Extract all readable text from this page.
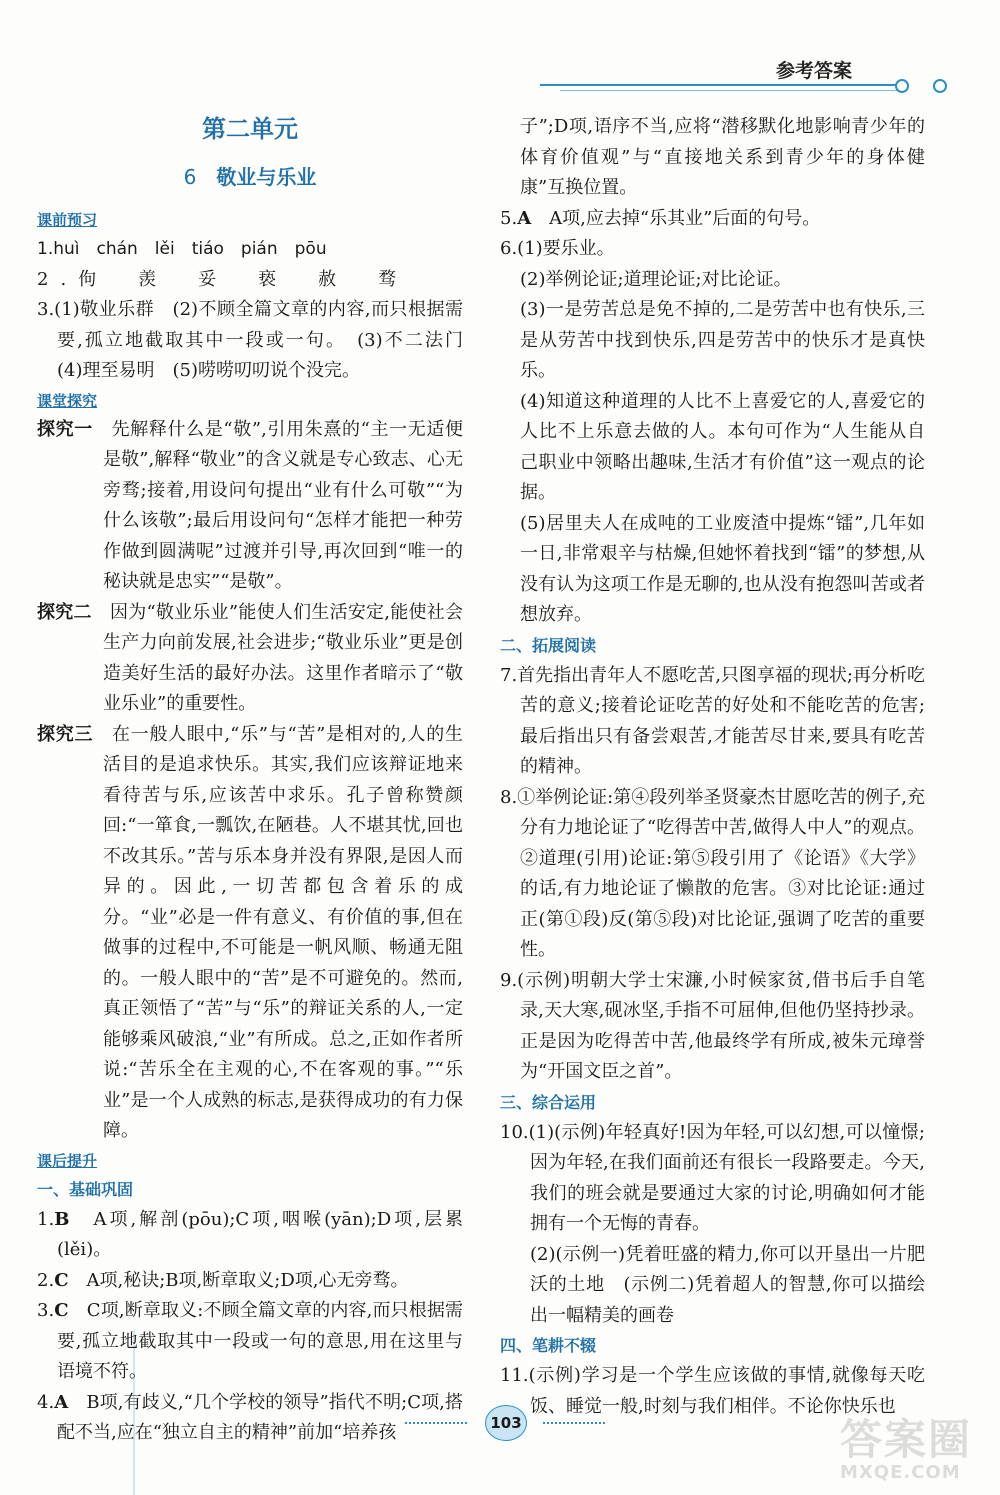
参考答案
第二单元
6 敬业与乐业
课前预习

1.huì　chán　lěi　tiáo　pián　pōu

2.佝　羡　妥　亵　赦　骛

3.(1)敬业乐群　(2)不顾全篇文章的内容,而只根据需要,孤立地截取其中一段或一句。　(3)不二法门　(4)理至易明　(5)唠唠叨叨说个没完。

课堂探究

探究一　 先解释什么是“敬”,引用朱熹的“主一无适便是敬”,解释“敬业”的含义就是专心致志、心无旁骛;接着,用设问句提出“业有什么可敬”“为什么该敬”;最后用设问句“怎样才能把一种劳作做到圆满呢”过渡并引导,再次回到“唯一的秘诀就是忠实”“是敬”。

探究二　 因为“敬业乐业”能使人们生活安定,能使社会生产力向前发展,社会进步;“敬业乐业”更是创造美好生活的最好办法。这里作者暗示了“敬业乐业”的重要性。

探究三　 在一般人眼中,“乐”与“苦”是相对的,人的生活目的是追求快乐。其实,我们应该辩证地来看待苦与乐,应该苦中求乐。孔子曾称赞颜回:“一箪食,一瓢饮,在陋巷。人不堪其忧,回也不改其乐。”苦与乐本身并没有界限,是因人而异的。因此,一切苦都包含着乐的成分。“业”必是一件有意义、有价值的事,但在做事的过程中,不可能是一帆风顺、畅通无阻的。一般人眼中的“苦”是不可避免的。然而,真正领悟了“苦”与“乐”的辩证关系的人,一定能够乘风破浪,“业”有所成。总之,正如作者所说:“苦乐全在主观的心,不在客观的事。”“乐业”是一个人成熟的标志,是获得成功的有力保障。

课后提升
一、基础巩固

1.B　 A项,解剖(pōu);C项,咽喉(yān);D项,层累(lěi)。

2.C　 A项,秘诀;B项,断章取义;D项,心无旁骛。

3.C　 C项,断章取义:不顾全篇文章的内容,而只根据需要,孤立地截取其中一段或一句的意思,用在这里与语境不符。

4.A　 B项,有歧义,“几个学校的领导”指代不明;C项,搭配不当,应在“独立自主的精神”前加“培养孩

子”;D项,语序不当,应将“潜移默化地影响青少年的体育价值观”与“直接地关系到青少年的身体健康”互换位置。

5.A　 A项,应去掉“乐其业”后面的句号。

6.(1)要乐业。

(2)举例论证;道理论证;对比论证。

(3)一是劳苦总是免不掉的,二是劳苦中也有快乐,三是从劳苦中找到快乐,四是劳苦中的快乐才是真快乐。

(4)知道这种道理的人比不上喜爱它的人,喜爱它的人比不上乐意去做的人。本句可作为“人生能从自己职业中领略出趣味,生活才有价值”这一观点的论据。

(5)居里夫人在成吨的工业废渣中提炼“镭”,几年如一日,非常艰辛与枯燥,但她怀着找到“镭”的梦想,从没有认为这项工作是无聊的,也从没有抱怨叫苦或者想放弃。

二、拓展阅读

7.首先指出青年人不愿吃苦,只图享福的现状;再分析吃苦的意义;接着论证吃苦的好处和不能吃苦的危害;最后指出只有备尝艰苦,才能苦尽甘来,要具有吃苦的精神。

8.①举例论证:第④段列举圣贤豪杰甘愿吃苦的例子,充分有力地论证了“吃得苦中苦,做得人中人”的观点。②道理(引用)论证:第⑤段引用了《论语》《大学》的话,有力地论证了懒散的危害。③对比论证:通过正(第①段)反(第⑤段)对比论证,强调了吃苦的重要性。

9.(示例)明朝大学士宋濂,小时候家贫,借书后手自笔录,天大寒,砚冰坚,手指不可屈伸,但他仍坚持抄录。正是因为吃得苦中苦,他最终学有所成,被朱元璋誉为“开国文臣之首”。

三、综合运用

10.(1)(示例)年轻真好!因为年轻,可以幻想,可以憧憬;因为年轻,在我们面前还有很长一段路要走。今天,我们的班会就是要通过大家的讨论,明确如何才能拥有一个无悔的青春。

(2)(示例一)凭着旺盛的精力,你可以开垦出一片肥沃的土地　(示例二)凭着超人的智慧,你可以描绘出一幅精美的画卷

四、笔耕不辍

11.(示例)学习是一个学生应该做的事情,就像每天吃饭、睡觉一般,时刻与我们相伴。不论你快乐也

103	答案圈
MXQE.COM
